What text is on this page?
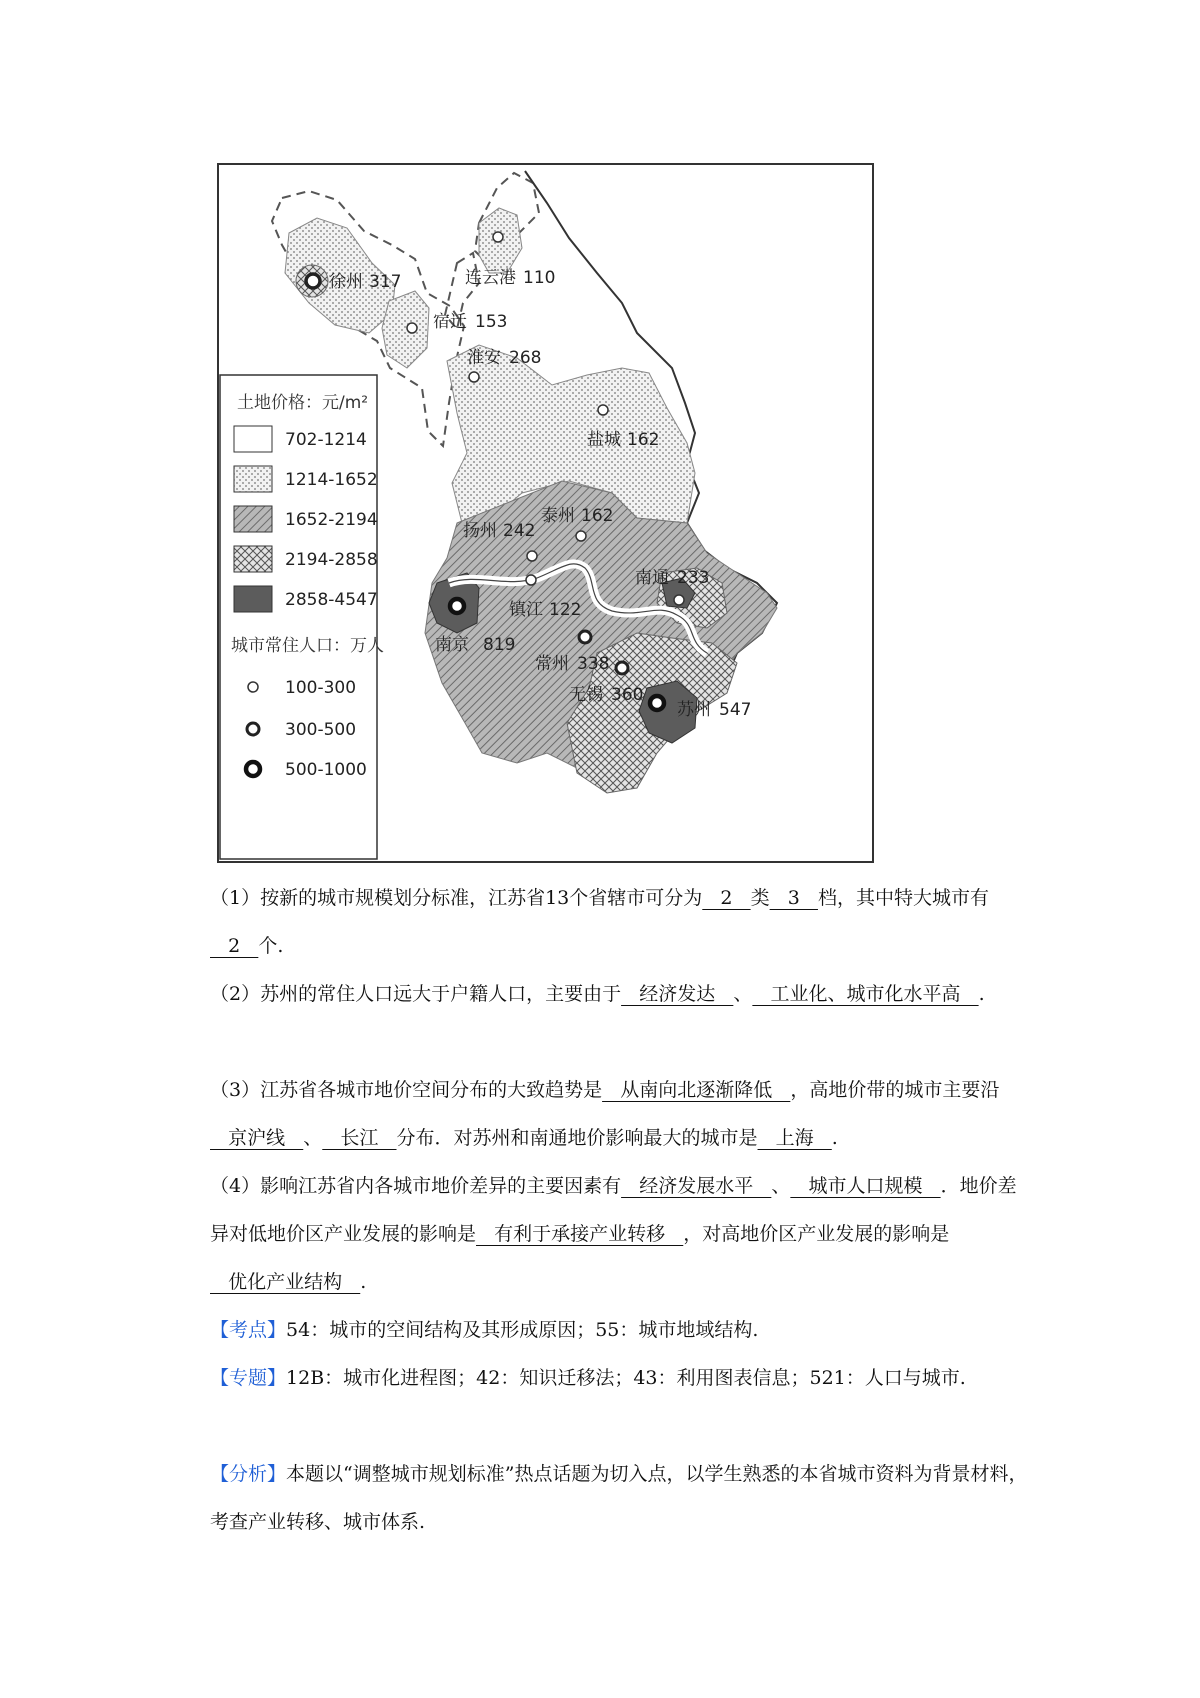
土地价格：元/m²
702-1214
1214-1652
1652-2194
2194-2858
2858-4547
城市常住人口：万人
100-300
300-500
500-1000
徐州 317	连云港 110
宿迁 153
淮安 268
盐城 162
扬州 242
泰州 162
南京 819
镇江 122
南通 233
常州 338
无锡 360
苏州 547

（1）按新的城市规模划分标准，江苏省13个省辖市可分为   2   类   3   档，其中特大城市有   2   个.

（2）苏州的常住人口远大于户籍人口，主要由于   经济发达   、   工业化、城市化水平高   .

（3）江苏省各城市地价空间分布的大致趋势是   从南向北逐渐降低   ，高地价带的城市主要沿   京沪线   、   长江   分布．对苏州和南通地价影响最大的城市是   上海   .

（4）影响江苏省内各城市地价差异的主要因素有   经济发展水平   、   城市人口规模   ．地价差异对低地价区产业发展的影响是   有利于承接产业转移   ，对高地价区产业发展的影响是   优化产业结构   .

【考点】54：城市的空间结构及其形成原因；55：城市地域结构.

【专题】12B：城市化进程图；42：知识迁移法；43：利用图表信息；521：人口与城市.

【分析】本题以“调整城市规划标准”热点话题为切入点，以学生熟悉的本省城市资料为背景材料，考查产业转移、城市体系.
